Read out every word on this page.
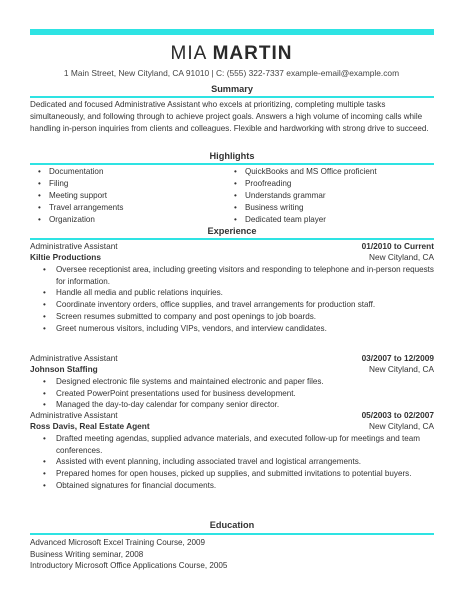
MIA MARTIN
1 Main Street, New Cityland, CA 91010 | C: (555) 322-7337 example-email@example.com
Summary

Dedicated and focused Administrative Assistant who excels at prioritizing, completing multiple tasks simultaneously, and following through to achieve project goals. Answers a high volume of incoming calls while handling in-person inquiries from clients and colleagues. Flexible and hardworking with strong drive to succeed.

Highlights
• Documentation
• Filing
• Meeting support
• Travel arrangements
• Organization
• QuickBooks and MS Office proficient
• Proofreading
• Understands grammar
• Business writing
• Dedicated team player
Experience
Administrative Assistant	01/2010 to Current
Kiltie Productions	New Cityland, CA
• Oversee receptionist area, including greeting visitors and responding to telephone and in-person requests for information.
• Handle all media and public relations inquiries.
• Coordinate inventory orders, office supplies, and travel arrangements for production staff.
• Screen resumes submitted to company and post openings to job boards.
• Greet numerous visitors, including VIPs, vendors, and interview candidates.
Administrative Assistant	03/2007 to 12/2009
Johnson Staffing	New Cityland, CA
• Designed electronic file systems and maintained electronic and paper files.
• Created PowerPoint presentations used for business development.
• Managed the day-to-day calendar for company senior director.
Administrative Assistant	05/2003 to 02/2007
Ross Davis, Real Estate Agent	New Cityland, CA
• Drafted meeting agendas, supplied advance materials, and executed follow-up for meetings and team conferences.
• Assisted with event planning, including associated travel and logistical arrangements.
• Prepared homes for open houses, picked up supplies, and submitted invitations to potential buyers.
• Obtained signatures for financial documents.
Education
Advanced Microsoft Excel Training Course, 2009
Business Writing seminar, 2008
Introductory Microsoft Office Applications Course, 2005
